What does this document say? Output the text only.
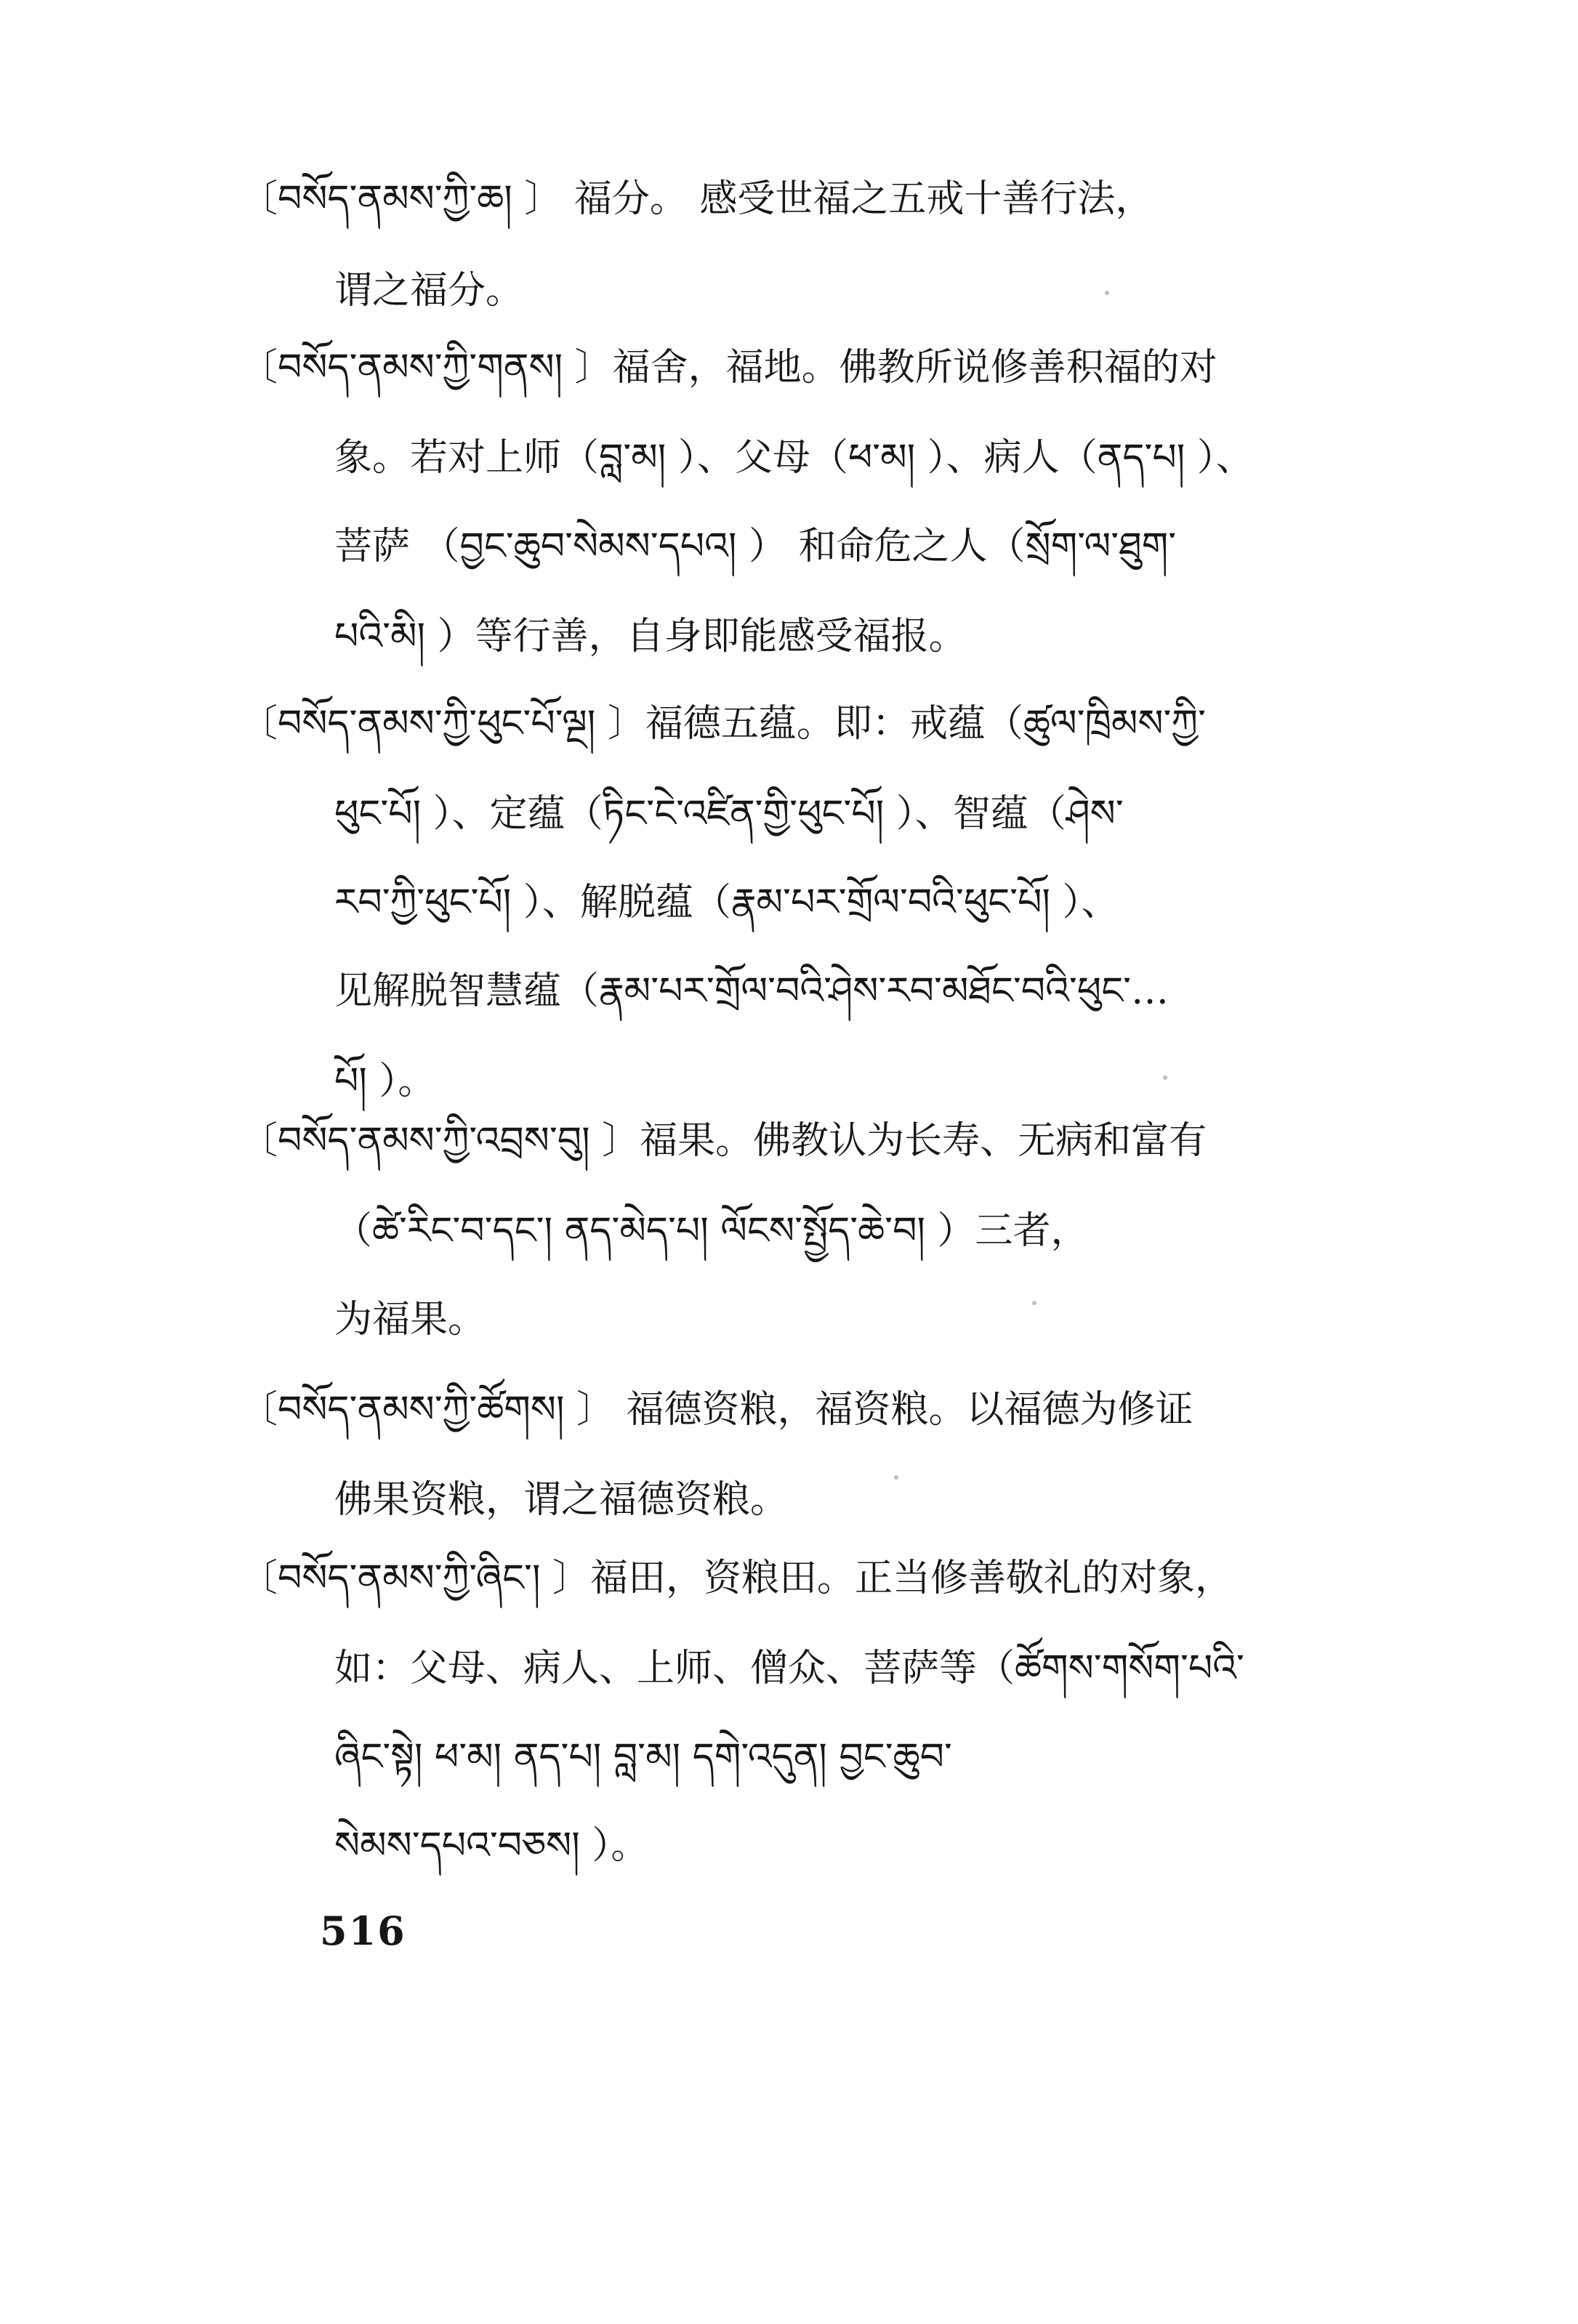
〔བསོད་ནམས་ཀྱི་ཆ། 〕 福分。 感受世福之五戒十善行法，
谓之福分。
〔བསོད་ནམས་ཀྱི་གནས། 〕福舍，福地。佛教所说修善积福的对
象。若对上师（བླ་མ། ）、父母（ཕ་མ། ）、病人（ནད་པ། ）、
菩萨 （བྱང་ཆུབ་སེམས་དཔའ། ） 和命危之人（སྲོག་ལ་ཐུག་
པའི་མི། ）等行善，自身即能感受福报。
〔བསོད་ནམས་ཀྱི་ཕུང་པོ་ལྔ། 〕福德五蕴。即：戒蕴（ཚུལ་ཁྲིམས་ཀྱི་
ཕུང་པོ། ）、定蕴（ཏིང་ངེ་འཛིན་གྱི་ཕུང་པོ། ）、智蕴（ཤེས་
རབ་ཀྱི་ཕུང་པོ། ）、解脱蕴（རྣམ་པར་གྲོལ་བའི་ཕུང་པོ། ）、
见解脱智慧蕴（རྣམ་པར་གྲོལ་བའི་ཤེས་རབ་མཐོང་བའི་ཕུང་…
པོ། ）。
〔བསོད་ནམས་ཀྱི་འབྲས་བུ། 〕福果。佛教认为长寿、无病和富有
（ཚེ་རིང་བ་དང་། ནད་མེད་པ། ལོངས་སྤྱོད་ཆེ་བ། ）三者，
为福果。
〔བསོད་ནམས་ཀྱི་ཚོགས། 〕 福德资粮，福资粮。以福德为修证
佛果资粮，谓之福德资粮。
〔བསོད་ནམས་ཀྱི་ཞིང་། 〕福田，资粮田。正当修善敬礼的对象，
如：父母、病人、上师、僧众、菩萨等（ཚོགས་གསོག་པའི་
ཞིང་སྟེ། ཕ་མ། ནད་པ། བླ་མ། དགེ་འདུན། བྱང་ཆུབ་
སེམས་དཔའ་བཅས། ）。
516
